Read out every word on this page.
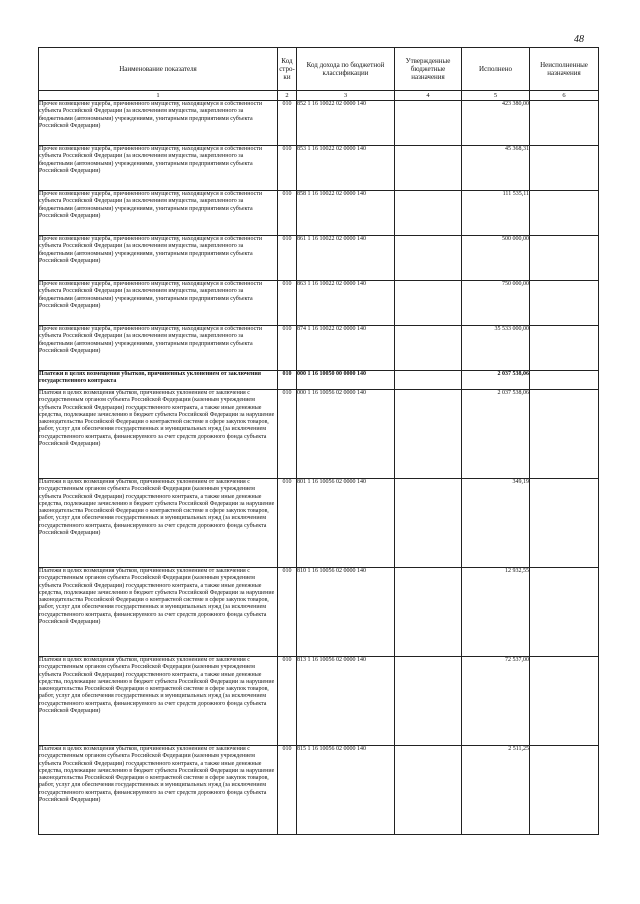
48
Наименование показателя	Код стро-ки	Код дохода по бюджетной классификации	Утвержденные бюджетные назначения	Исполнено	Неисполненные назначения
1	2	3	4	5	6
Прочее возмещение ущерба, причиненного имуществу, находящемуся в собственности субъекта Российской Федерации (за исключением имущества, закрепленного за бюджетными (автономными) учреждениями, унитарными предприятиями субъекта Российской Федерации)	010	852 1 16 10022 02 0000 140		423 380,00	
Прочее возмещение ущерба, причиненного имуществу, находящемуся в собственности субъекта Российской Федерации (за исключением имущества, закрепленного за бюджетными (автономными) учреждениями, унитарными предприятиями субъекта Российской Федерации)	010	853 1 16 10022 02 0000 140		45 368,31	
Прочее возмещение ущерба, причиненного имуществу, находящемуся в собственности субъекта Российской Федерации (за исключением имущества, закрепленного за бюджетными (автономными) учреждениями, унитарными предприятиями субъекта Российской Федерации)	010	858 1 16 10022 02 0000 140		111 535,11	
Прочее возмещение ущерба, причиненного имуществу, находящемуся в собственности субъекта Российской Федерации (за исключением имущества, закрепленного за бюджетными (автономными) учреждениями, унитарными предприятиями субъекта Российской Федерации)	010	861 1 16 10022 02 0000 140		500 000,00	
Прочее возмещение ущерба, причиненного имуществу, находящемуся в собственности субъекта Российской Федерации (за исключением имущества, закрепленного за бюджетными (автономными) учреждениями, унитарными предприятиями субъекта Российской Федерации)	010	863 1 16 10022 02 0000 140		750 000,00	
Прочее возмещение ущерба, причиненного имуществу, находящемуся в собственности субъекта Российской Федерации (за исключением имущества, закрепленного за бюджетными (автономными) учреждениями, унитарными предприятиями субъекта Российской Федерации)	010	874 1 16 10022 02 0000 140		35 533 000,00	
Платежи в целях возмещения убытков, причиненных уклонением от заключения государственного контракта	010	000 1 16 10050 00 0000 140		2 037 538,06	
Платежи в целях возмещения убытков, причиненных уклонением от заключения с государственным органом субъекта Российской Федерации (казенным учреждением субъекта Российской Федерации) государственного контракта, а также иные денежные средства, подлежащие зачислению в бюджет субъекта Российской Федерации за нарушение законодательства Российской Федерации о контрактной системе в сфере закупок товаров, работ, услуг для обеспечения государственных и муниципальных нужд (за исключением государственного контракта, финансируемого за счет средств дорожного фонда субъекта Российской Федерации)	010	000 1 16 10056 02 0000 140		2 037 538,06	
Платежи в целях возмещения убытков, причиненных уклонением от заключения с государственным органом субъекта Российской Федерации (казенным учреждением субъекта Российской Федерации) государственного контракта, а также иные денежные средства, подлежащие зачислению в бюджет субъекта Российской Федерации за нарушение законодательства Российской Федерации о контрактной системе в сфере закупок товаров, работ, услуг для обеспечения государственных и муниципальных нужд (за исключением государственного контракта, финансируемого за счет средств дорожного фонда субъекта Российской Федерации)	010	801 1 16 10056 02 0000 140		349,19	
Платежи в целях возмещения убытков, причиненных уклонением от заключения с государственным органом субъекта Российской Федерации (казенным учреждением субъекта Российской Федерации) государственного контракта, а также иные денежные средства, подлежащие зачислению в бюджет субъекта Российской Федерации за нарушение законодательства Российской Федерации о контрактной системе в сфере закупок товаров, работ, услуг для обеспечения государственных и муниципальных нужд (за исключением государственного контракта, финансируемого за счет средств дорожного фонда субъекта Российской Федерации)	010	810 1 16 10056 02 0000 140		12 932,55	
Платежи в целях возмещения убытков, причиненных уклонением от заключения с государственным органом субъекта Российской Федерации (казенным учреждением субъекта Российской Федерации) государственного контракта, а также иные денежные средства, подлежащие зачислению в бюджет субъекта Российской Федерации за нарушение законодательства Российской Федерации о контрактной системе в сфере закупок товаров, работ, услуг для обеспечения государственных и муниципальных нужд (за исключением государственного контракта, финансируемого за счет средств дорожного фонда субъекта Российской Федерации)	010	813 1 16 10056 02 0000 140		72 537,00	
Платежи в целях возмещения убытков, причиненных уклонением от заключения с государственным органом субъекта Российской Федерации (казенным учреждением субъекта Российской Федерации) государственного контракта, а также иные денежные средства, подлежащие зачислению в бюджет субъекта Российской Федерации за нарушение законодательства Российской Федерации о контрактной системе в сфере закупок товаров, работ, услуг для обеспечения государственных и муниципальных нужд (за исключением государственного контракта, финансируемого за счет средств дорожного фонда субъекта Российской Федерации)	010	815 1 16 10056 02 0000 140		2 511,25	
